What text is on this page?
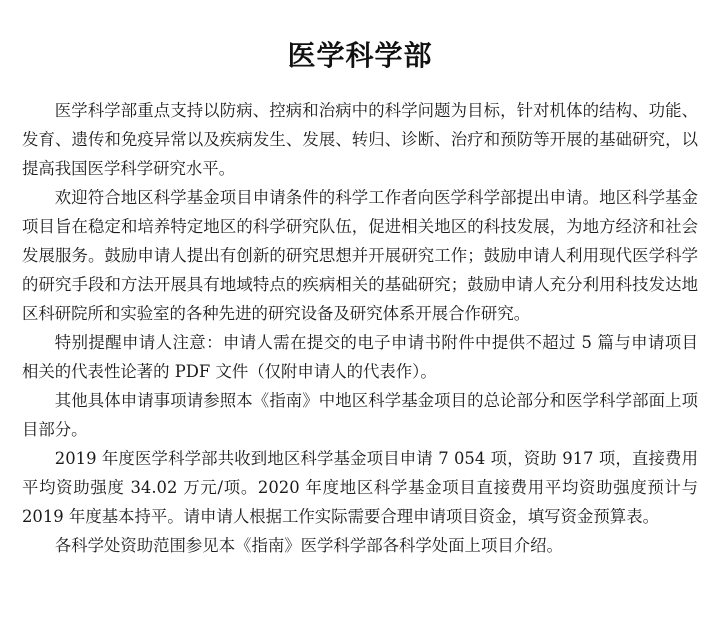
医学科学部

医学科学部重点支持以防病、控病和治病中的科学问题为目标，针对机体的结构、功能、发育、遗传和免疫异常以及疾病发生、发展、转归、诊断、治疗和预防等开展的基础研究，以提高我国医学科学研究水平。

欢迎符合地区科学基金项目申请条件的科学工作者向医学科学部提出申请。地区科学基金项目旨在稳定和培养特定地区的科学研究队伍，促进相关地区的科技发展，为地方经济和社会发展服务。鼓励申请人提出有创新的研究思想并开展研究工作；鼓励申请人利用现代医学科学的研究手段和方法开展具有地域特点的疾病相关的基础研究；鼓励申请人充分利用科技发达地区科研院所和实验室的各种先进的研究设备及研究体系开展合作研究。

特别提醒申请人注意：申请人需在提交的电子申请书附件中提供不超过 5 篇与申请项目相关的代表性论著的 PDF 文件（仅附申请人的代表作）。

其他具体申请事项请参照本《指南》中地区科学基金项目的总论部分和医学科学部面上项目部分。

2019 年度医学科学部共收到地区科学基金项目申请 7 054 项，资助 917 项，直接费用平均资助强度 34.02 万元/项。2020 年度地区科学基金项目直接费用平均资助强度预计与 2019 年度基本持平。请申请人根据工作实际需要合理申请项目资金，填写资金预算表。

各科学处资助范围参见本《指南》医学科学部各科学处面上项目介绍。
